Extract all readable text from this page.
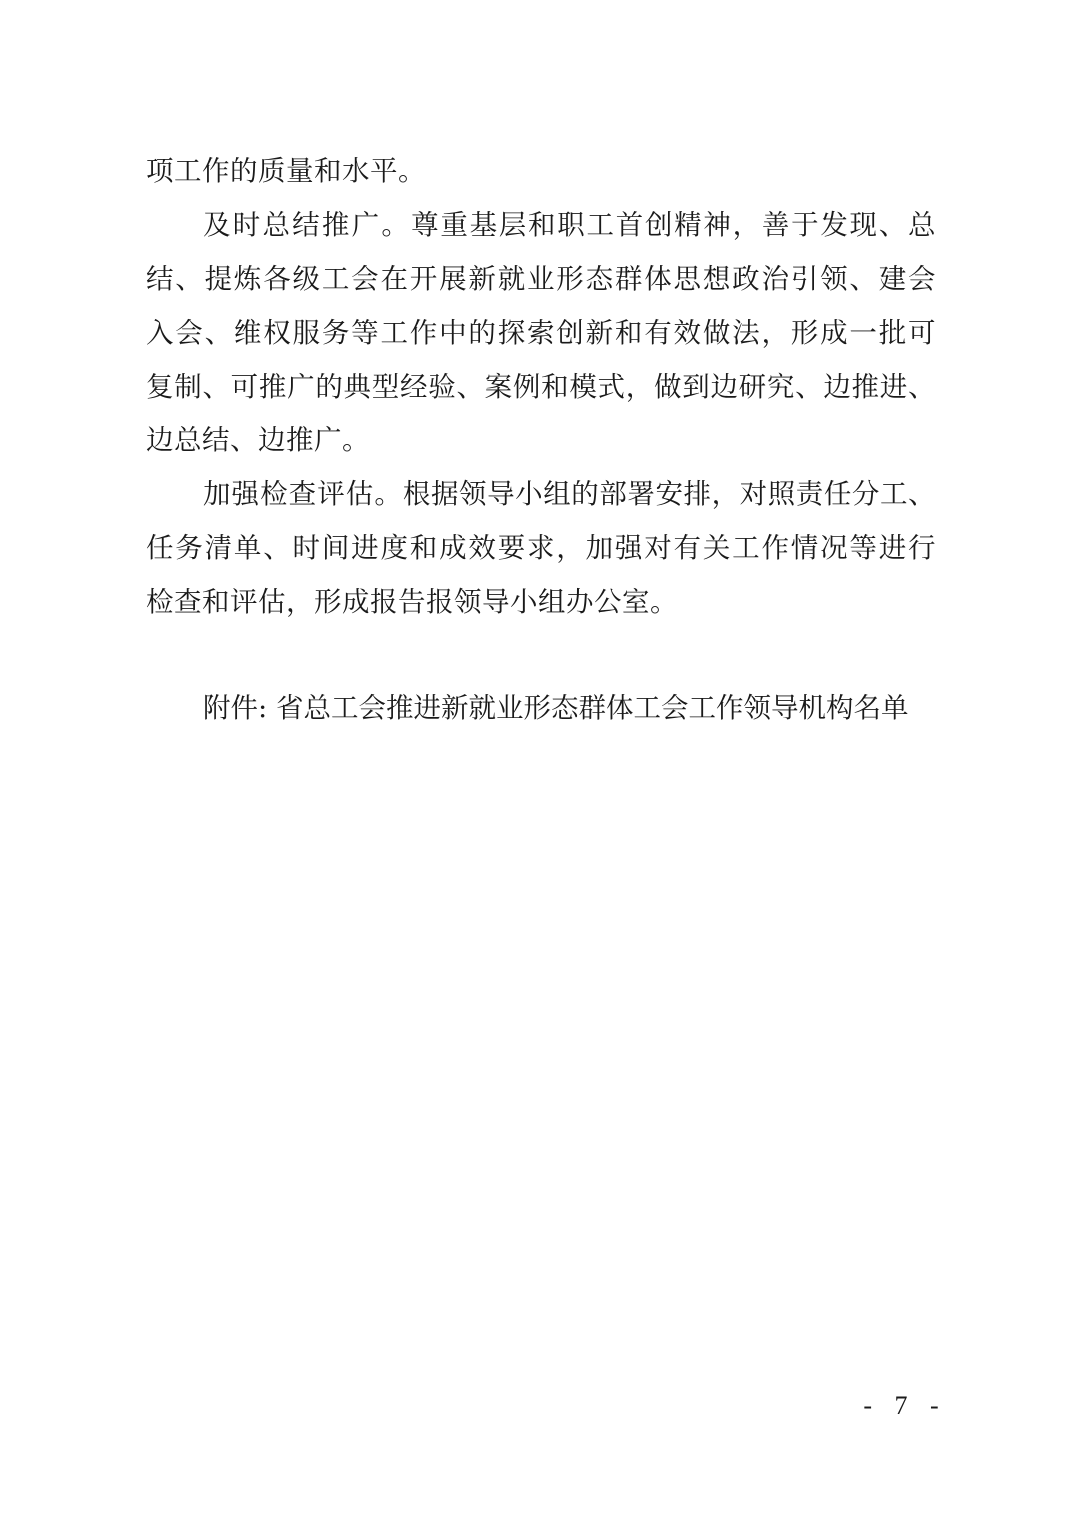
项工作的质量和水平。
及时总结推广。尊重基层和职工首创精神，善于发现、总
结、提炼各级工会在开展新就业形态群体思想政治引领、建会
入会、维权服务等工作中的探索创新和有效做法，形成一批可
复制、可推广的典型经验、案例和模式，做到边研究、边推进、
边总结、边推广。
加强检查评估。根据领导小组的部署安排，对照责任分工、
任务清单、时间进度和成效要求，加强对有关工作情况等进行
检查和评估，形成报告报领导小组办公室。
附件: 省总工会推进新就业形态群体工会工作领导机构名单
- 7 -
